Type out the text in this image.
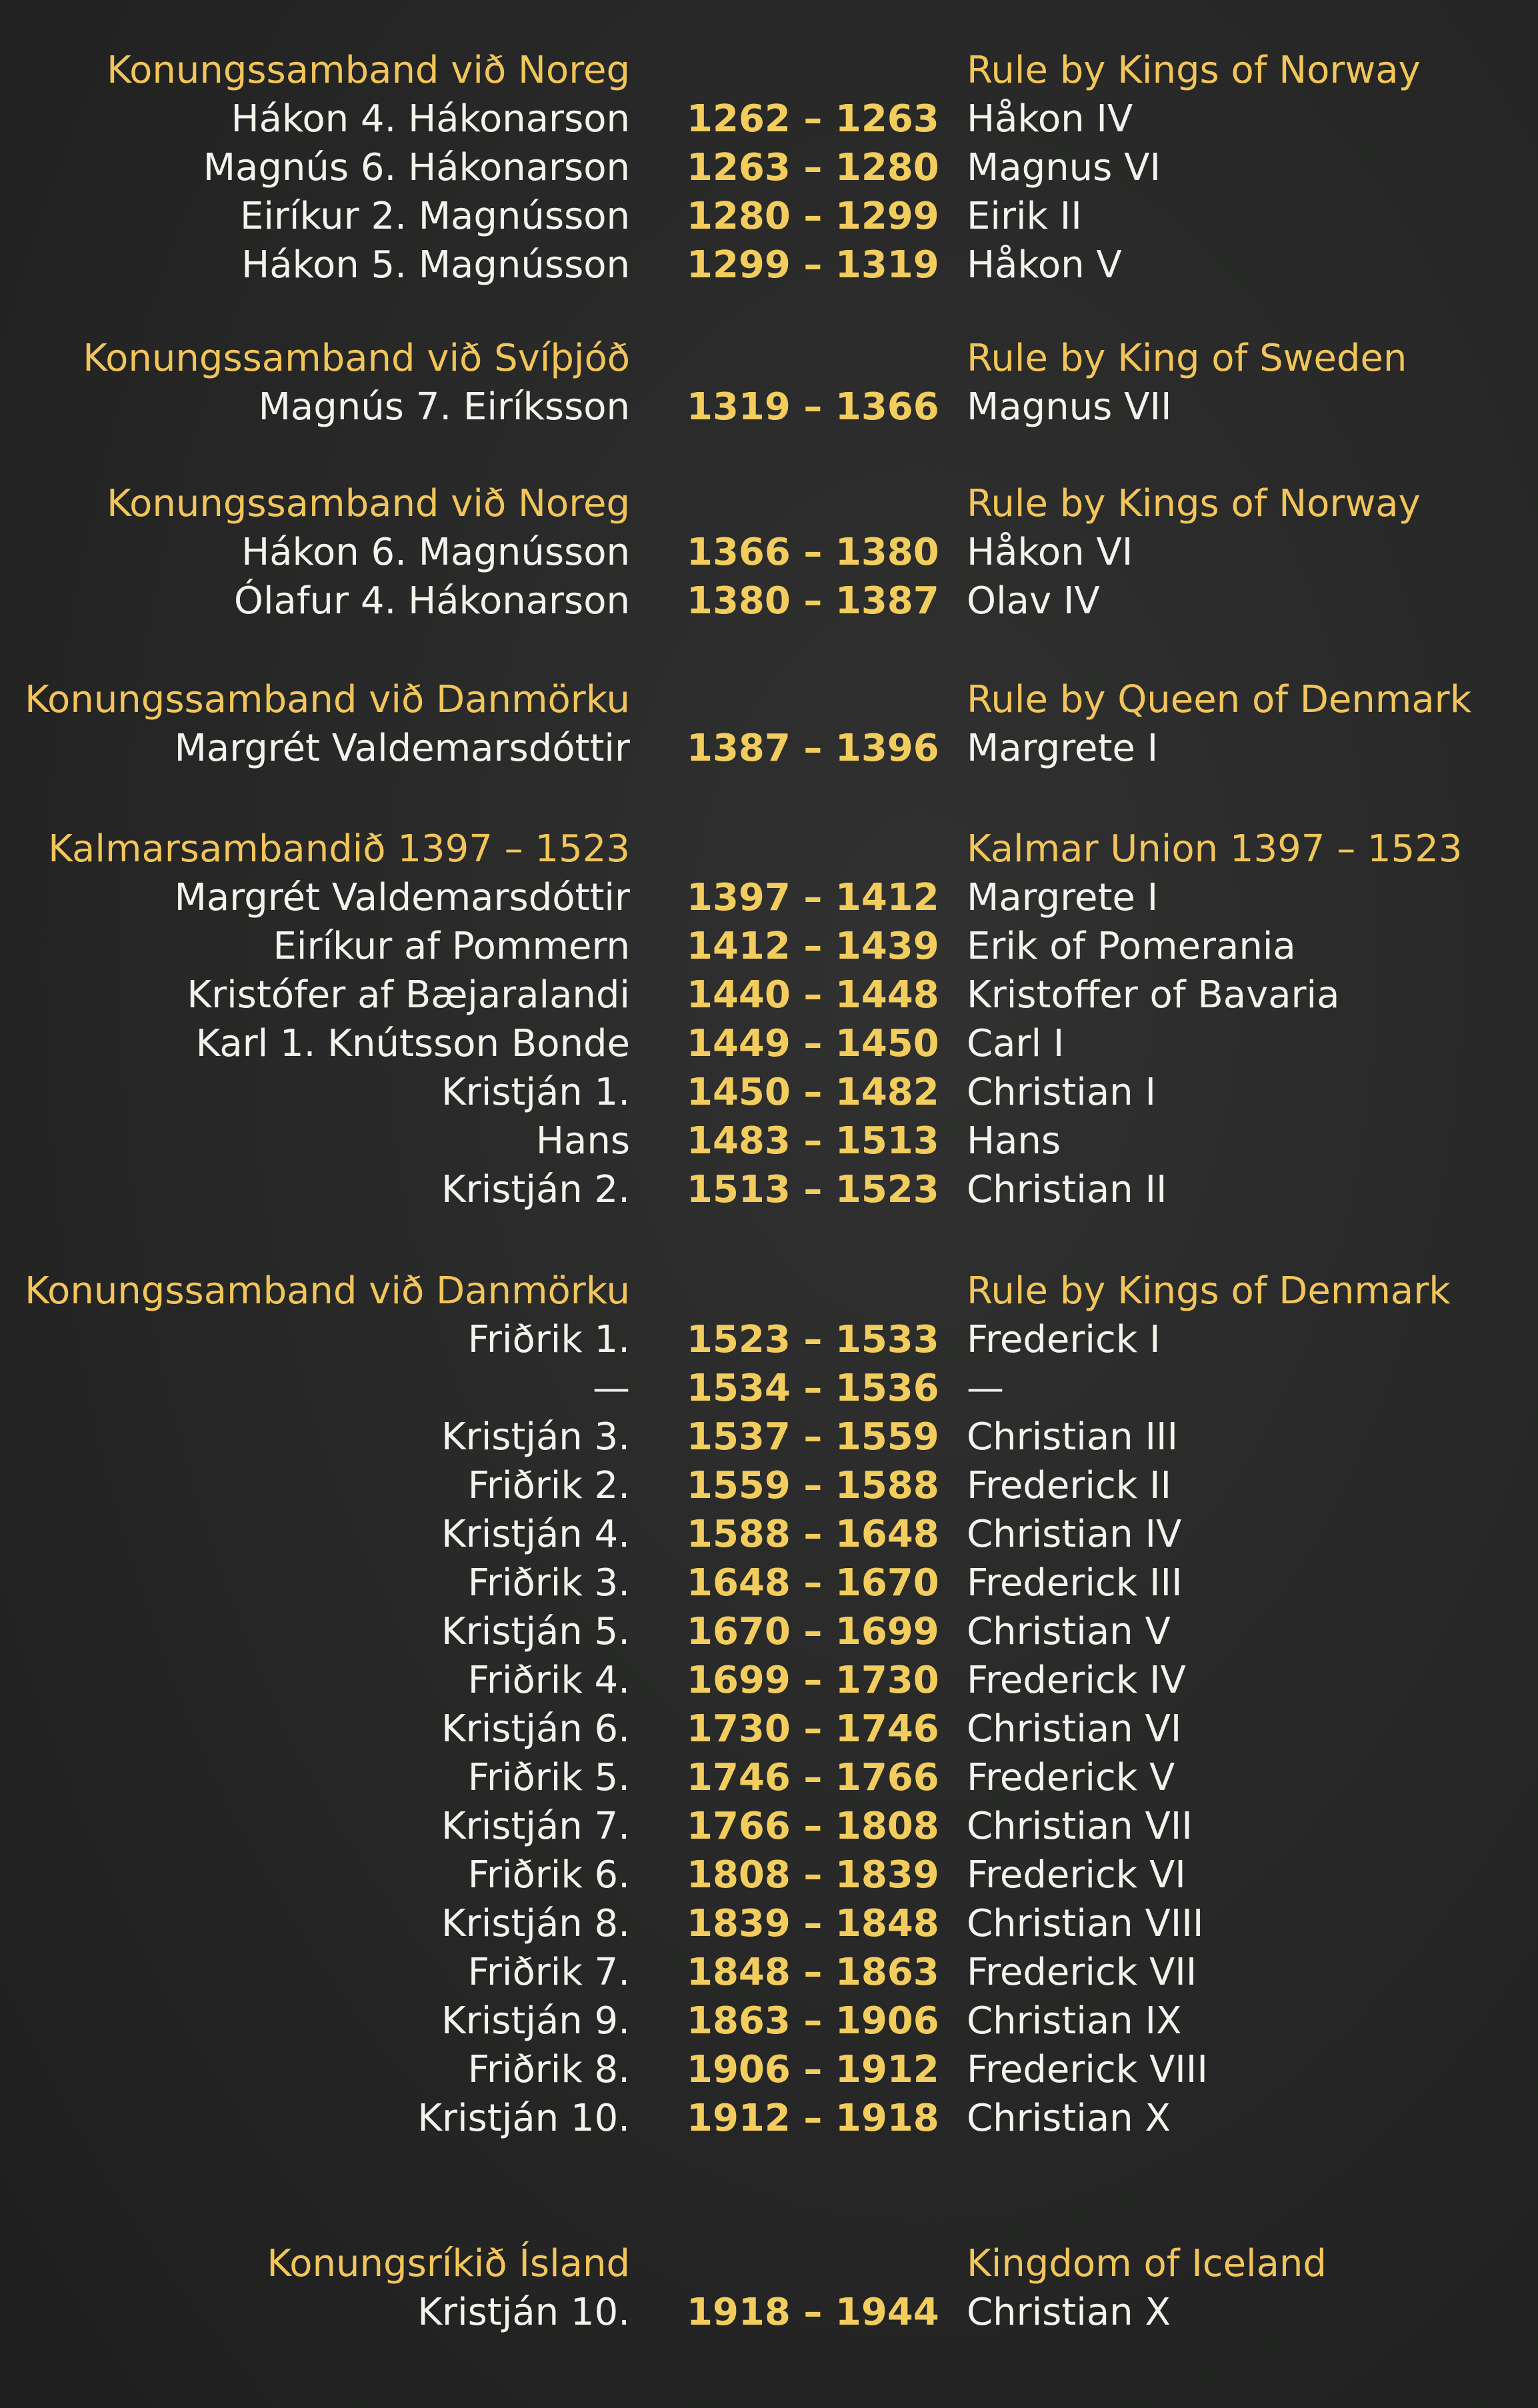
Konungssamband við Noreg	Rule by Kings of Norway
Hákon 4. Hákonarson 1262 – 1263 Håkon IV
Magnús 6. Hákonarson 1263 – 1280 Magnus VI
Eiríkur 2. Magnússon 1280 – 1299 Eirik II
Hákon 5. Magnússon 1299 – 1319 Håkon V
Konungssamband við Svíþjóð	Rule by King of Sweden
Magnús 7. Eiríksson 1319 – 1366 Magnus VII
Konungssamband við Noreg	Rule by Kings of Norway
Hákon 6. Magnússon 1366 – 1380 Håkon VI
Ólafur 4. Hákonarson 1380 – 1387 Olav IV
Konungssamband við Danmörku	Rule by Queen of Denmark
Margrét Valdemarsdóttir 1387 – 1396 Margrete I
Kalmarsambandið 1397 – 1523	Kalmar Union 1397 – 1523
Margrét Valdemarsdóttir 1397 – 1412 Margrete I
Eiríkur af Pommern 1412 – 1439 Erik of Pomerania
Kristófer af Bæjaralandi 1440 – 1448 Kristoffer of Bavaria
Karl 1. Knútsson Bonde 1449 – 1450 Carl I
Kristján 1. 1450 – 1482 Christian I
Hans 1483 – 1513 Hans
Kristján 2. 1513 – 1523 Christian II
Konungssamband við Danmörku	Rule by Kings of Denmark
Friðrik 1. 1523 – 1533 Frederick I
— 1534 – 1536 —
Kristján 3. 1537 – 1559 Christian III
Friðrik 2. 1559 – 1588 Frederick II
Kristján 4. 1588 – 1648 Christian IV
Friðrik 3. 1648 – 1670 Frederick III
Kristján 5. 1670 – 1699 Christian V
Friðrik 4. 1699 – 1730 Frederick IV
Kristján 6. 1730 – 1746 Christian VI
Friðrik 5. 1746 – 1766 Frederick V
Kristján 7. 1766 – 1808 Christian VII
Friðrik 6. 1808 – 1839 Frederick VI
Kristján 8. 1839 – 1848 Christian VIII
Friðrik 7. 1848 – 1863 Frederick VII
Kristján 9. 1863 – 1906 Christian IX
Friðrik 8. 1906 – 1912 Frederick VIII
Kristján 10. 1912 – 1918 Christian X
Konungsríkið Ísland	Kingdom of Iceland
Kristján 10. 1918 – 1944 Christian X
